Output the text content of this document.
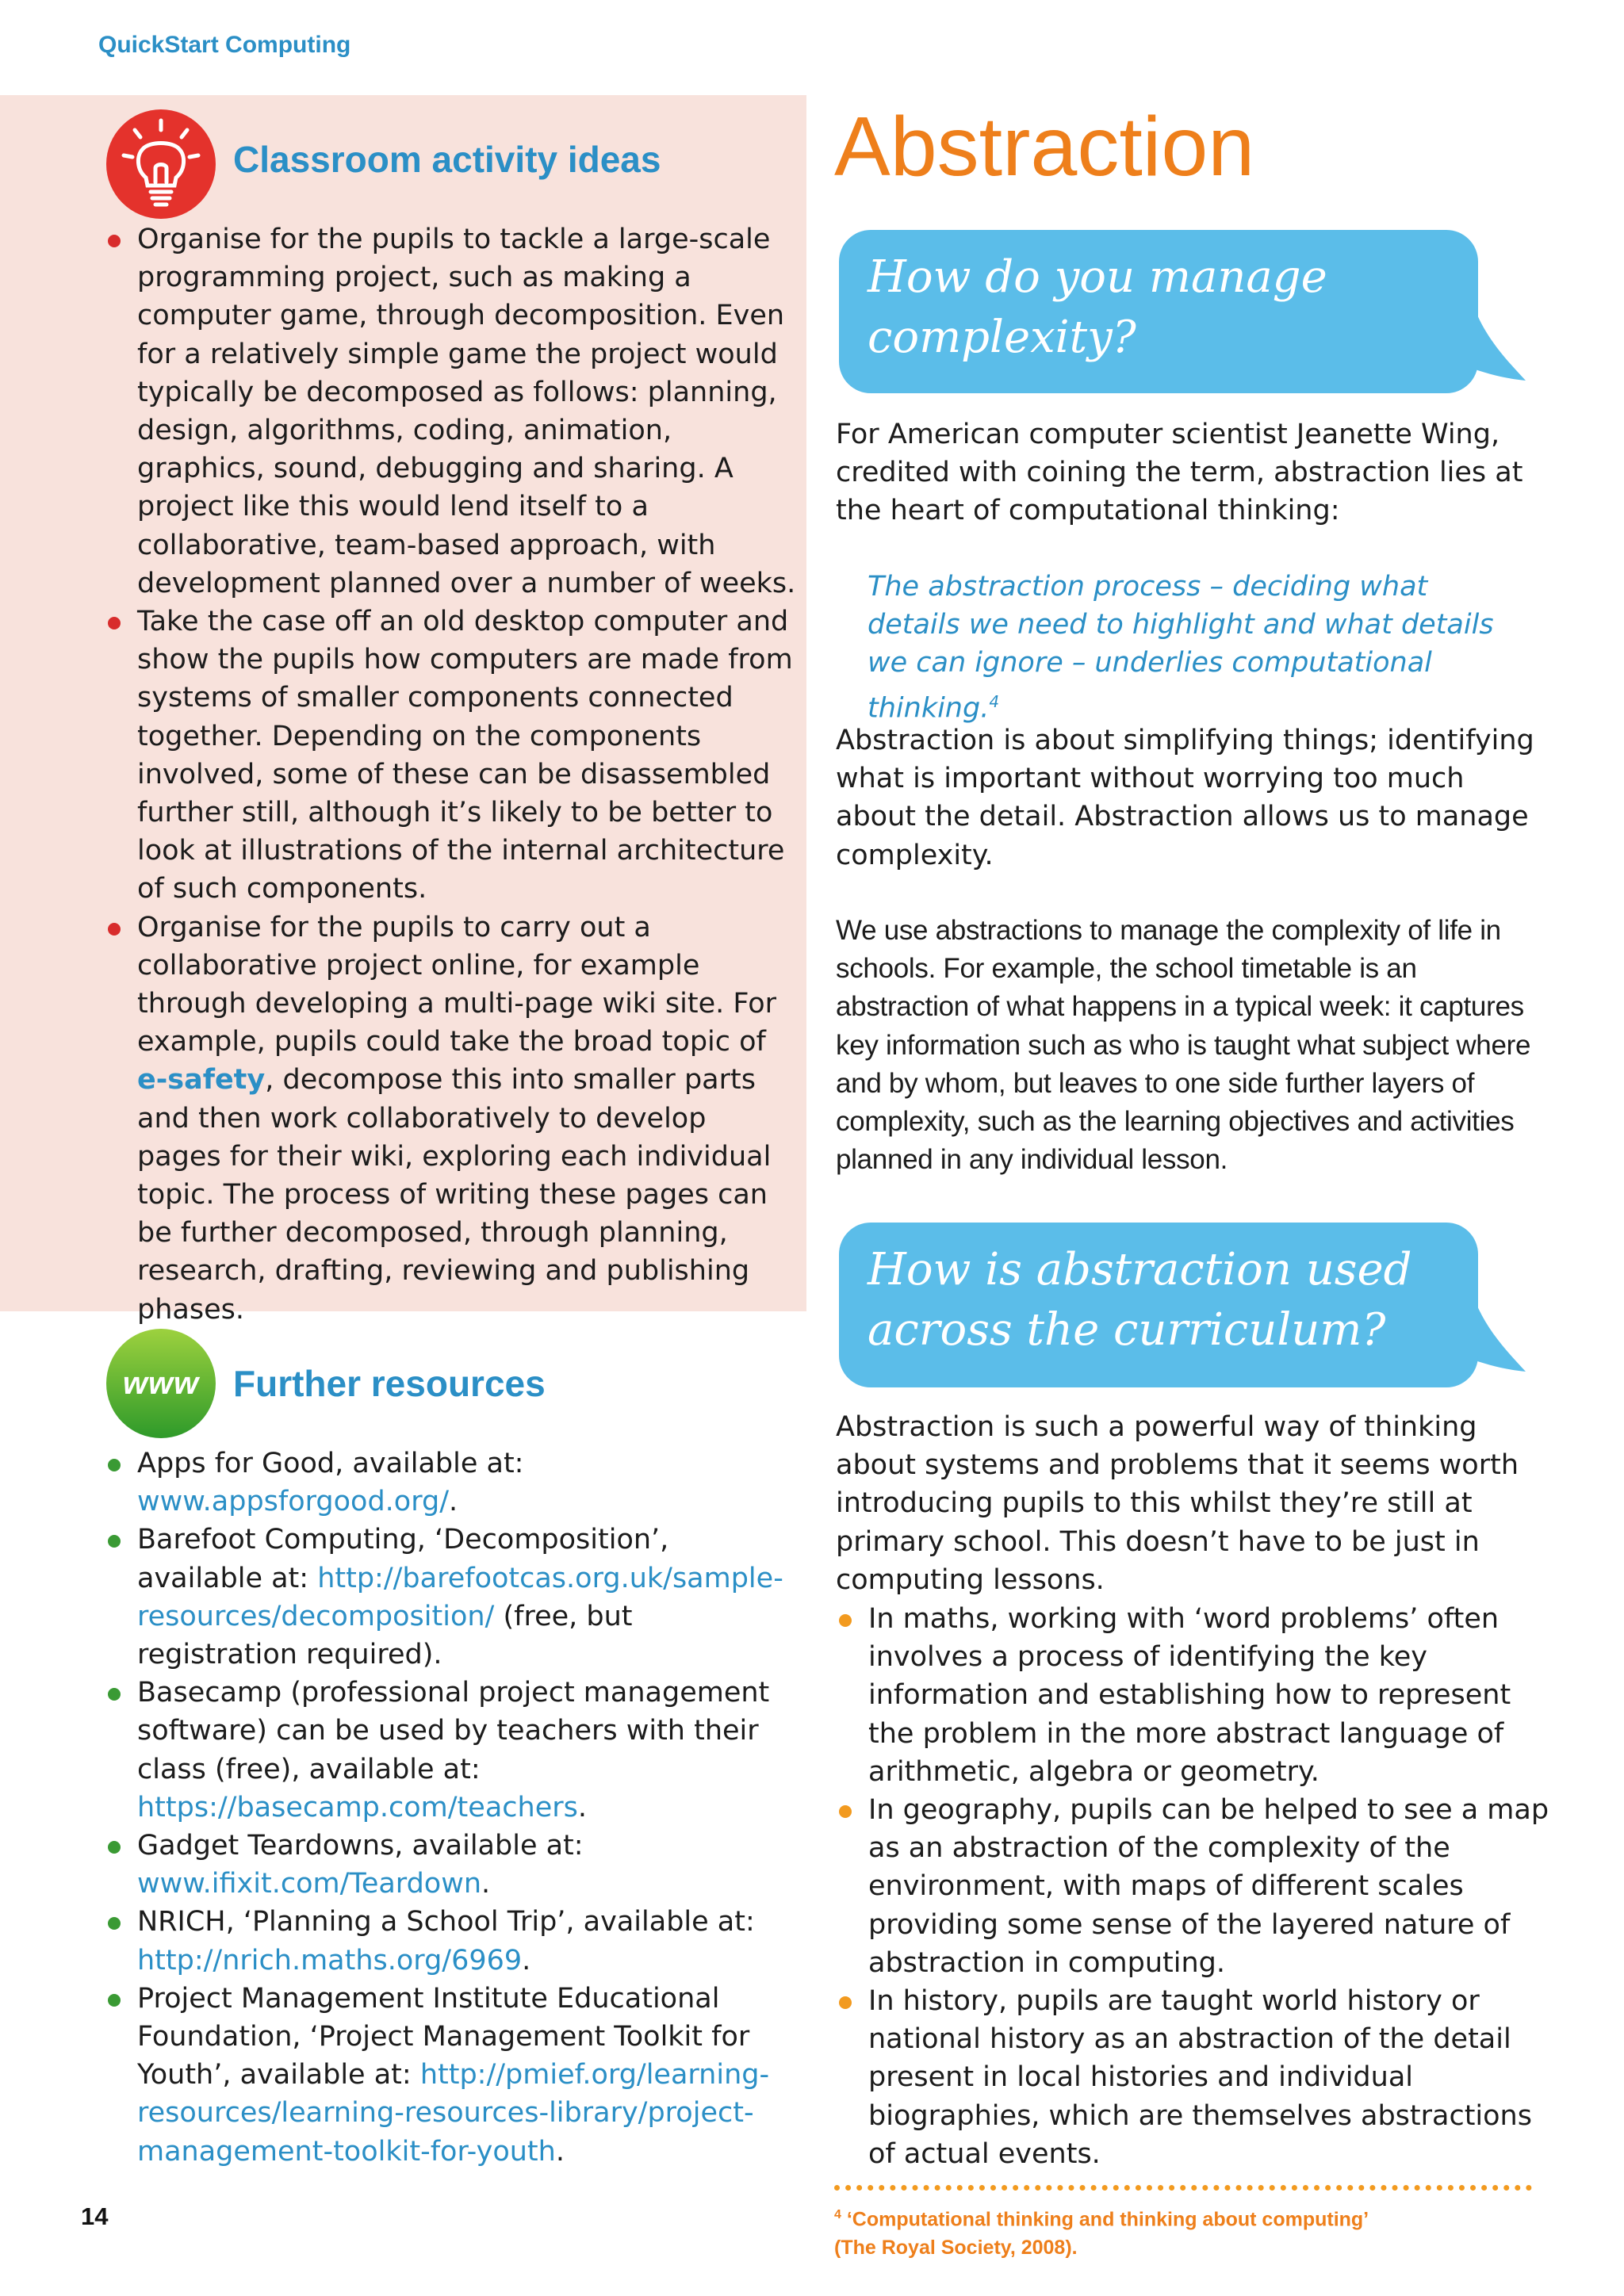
QuickStart Computing
Classroom activity ideas
Organise for the pupils to tackle a large-scale programming project, such as making a computer game, through decomposition. Even for a relatively simple game the project would typically be decomposed as follows: planning, design, algorithms, coding, animation, graphics, sound, debugging and sharing. A project like this would lend itself to a collaborative, team-based approach, with development planned over a number of weeks.
Take the case off an old desktop computer and show the pupils how computers are made from systems of smaller components connected together. Depending on the components involved, some of these can be disassembled further still, although it’s likely to be better to look at illustrations of the internal architecture of such components.
Organise for the pupils to carry out a collaborative project online, for example through developing a multi-page wiki site. For example, pupils could take the broad topic of e-safety, decompose this into smaller parts and then work collaboratively to develop pages for their wiki, exploring each individual topic. The process of writing these pages can be further decomposed, through planning, research, drafting, reviewing and publishing phases.
www Further resources
Apps for Good, available at: www.appsforgood.org/.
Barefoot Computing, ‘Decomposition’, available at: http://barefootcas.org.uk/sample-resources/decomposition/ (free, but registration required).
Basecamp (professional project management software) can be used by teachers with their class (free), available at: https://basecamp.com/teachers.
Gadget Teardowns, available at: www.ifixit.com/Teardown.
NRICH, ‘Planning a School Trip’, available at: http://nrich.maths.org/6969.
Project Management Institute Educational Foundation, ‘Project Management Toolkit for Youth’, available at: http://pmief.org/learning-resources/learning-resources-library/project-management-toolkit-for-youth.
Abstraction
How do you manage
complexity?
For American computer scientist Jeanette Wing, credited with coining the term, abstraction lies at the heart of computational thinking:
The abstraction process – deciding what details we need to highlight and what details we can ignore – underlies computational thinking.$^4$
Abstraction is about simplifying things; identifying what is important without worrying too much about the detail. Abstraction allows us to manage complexity.
We use abstractions to manage the complexity of life in schools. For example, the school timetable is an abstraction of what happens in a typical week: it captures key information such as who is taught what subject where and by whom, but leaves to one side further layers of complexity, such as the learning objectives and activities planned in any individual lesson.
How is abstraction used
across the curriculum?
Abstraction is such a powerful way of thinking about systems and problems that it seems worth introducing pupils to this whilst they’re still at primary school. This doesn’t have to be just in computing lessons.
In maths, working with ‘word problems’ often involves a process of identifying the key information and establishing how to represent the problem in the more abstract language of arithmetic, algebra or geometry.
In geography, pupils can be helped to see a map as an abstraction of the complexity of the environment, with maps of different scales providing some sense of the layered nature of abstraction in computing.
In history, pupils are taught world history or national history as an abstraction of the detail present in local histories and individual biographies, which are themselves abstractions of actual events.
$^4$ ‘Computational thinking and thinking about computing’
(The Royal Society, 2008).
14
